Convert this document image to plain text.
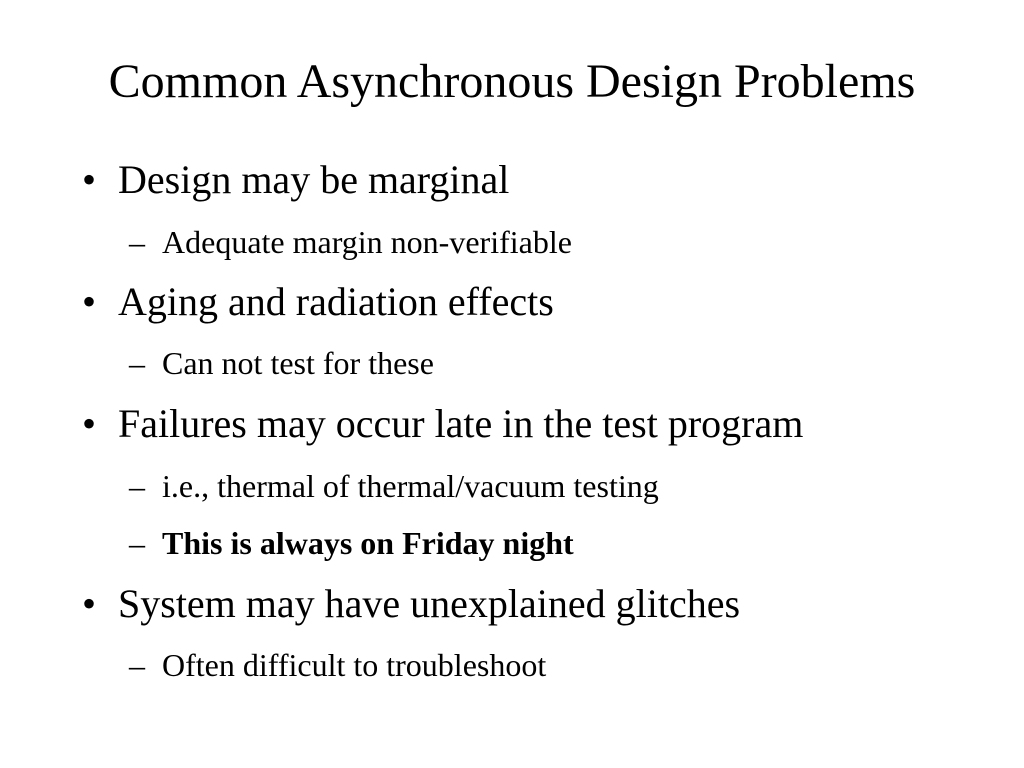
Common Asynchronous Design Problems
• Design may be marginal
– Adequate margin non-verifiable
• Aging and radiation effects
– Can not test for these
• Failures may occur late in the test program
– i.e., thermal of thermal/vacuum testing
– This is always on Friday night
• System may have unexplained glitches
– Often difficult to troubleshoot
